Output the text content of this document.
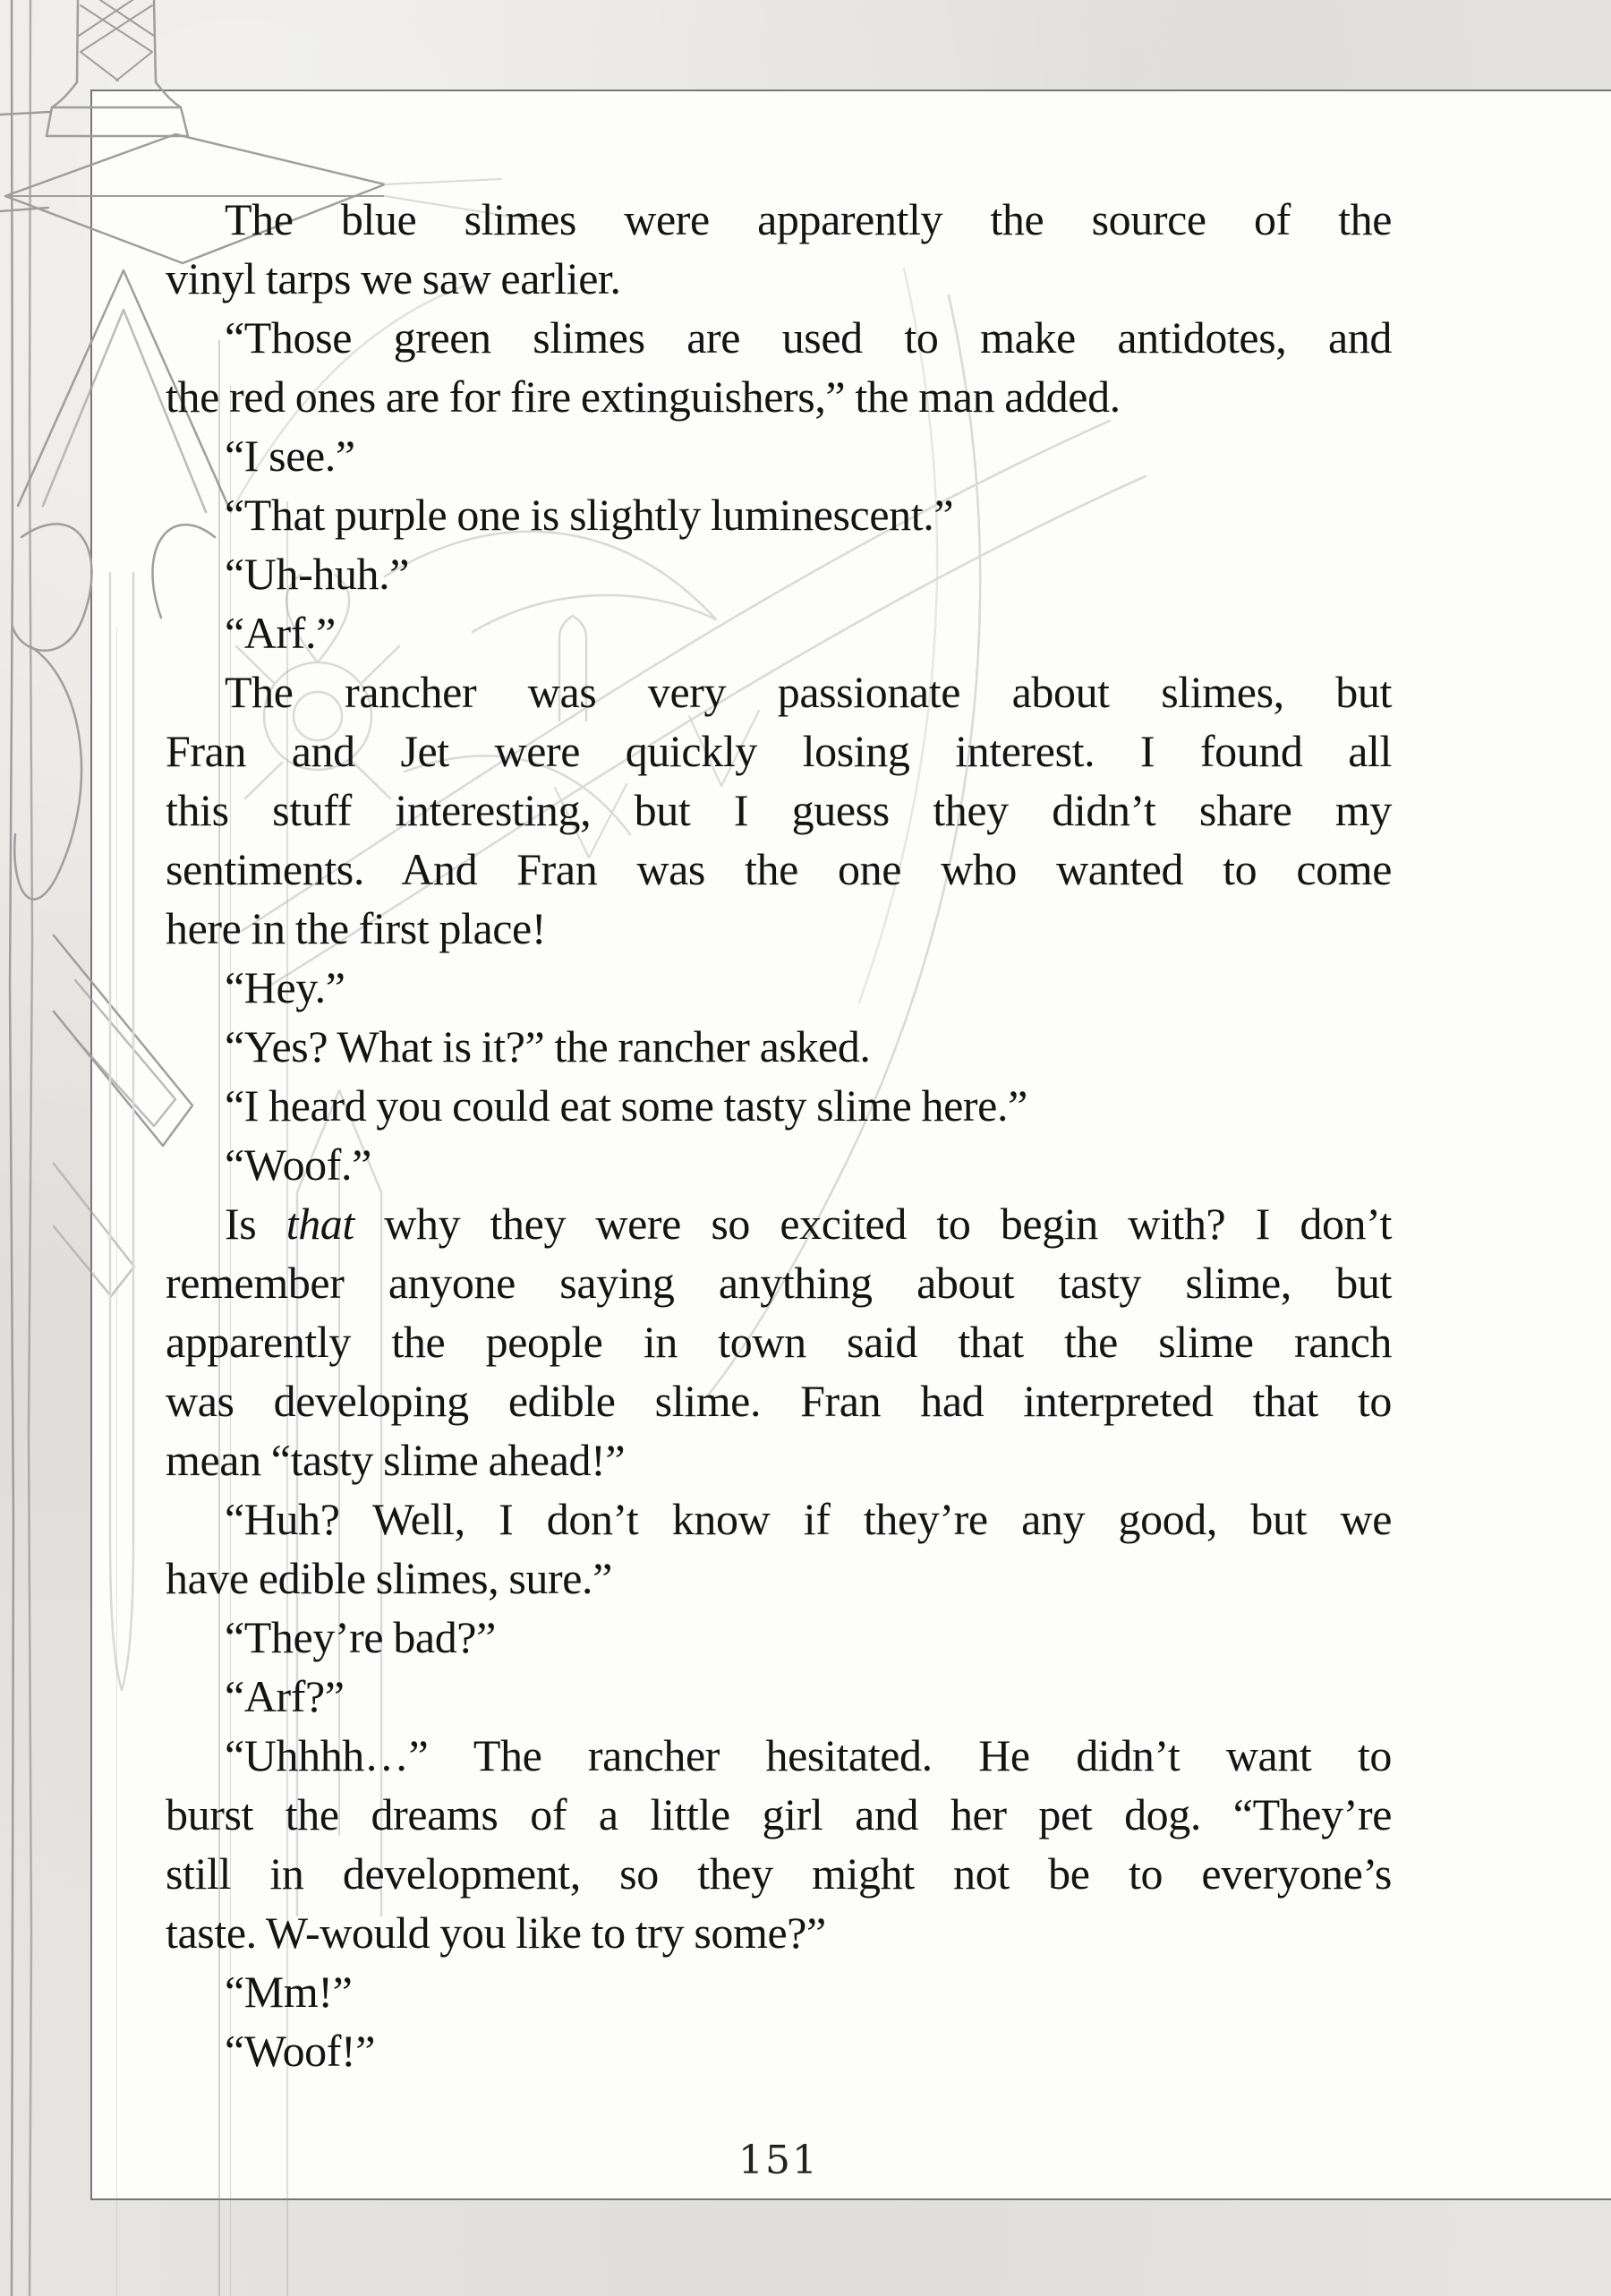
The blue slimes were apparently the source of the
vinyl tarps we saw earlier.
“Those green slimes are used to make antidotes, and
the red ones are for fire extinguishers,” the man added.
“I see.”
“That purple one is slightly luminescent.”
“Uh-huh.”
“Arf.”
The rancher was very passionate about slimes, but
Fran and Jet were quickly losing interest. I found all
this stuff interesting, but I guess they didn’t share my
sentiments. And Fran was the one who wanted to come
here in the first place!
“Hey.”
“Yes? What is it?” the rancher asked.
“I heard you could eat some tasty slime here.”
“Woof.”
Is that why they were so excited to begin with? I don’t
remember anyone saying anything about tasty slime, but
apparently the people in town said that the slime ranch
was developing edible slime. Fran had interpreted that to
mean “tasty slime ahead!”
“Huh? Well, I don’t know if they’re any good, but we
have edible slimes, sure.”
“They’re bad?”
“Arf?”
“Uhhhh…” The rancher hesitated. He didn’t want to
burst the dreams of a little girl and her pet dog. “They’re
still in development, so they might not be to everyone’s
taste. W-would you like to try some?”
“Mm!”
“Woof!”
151
